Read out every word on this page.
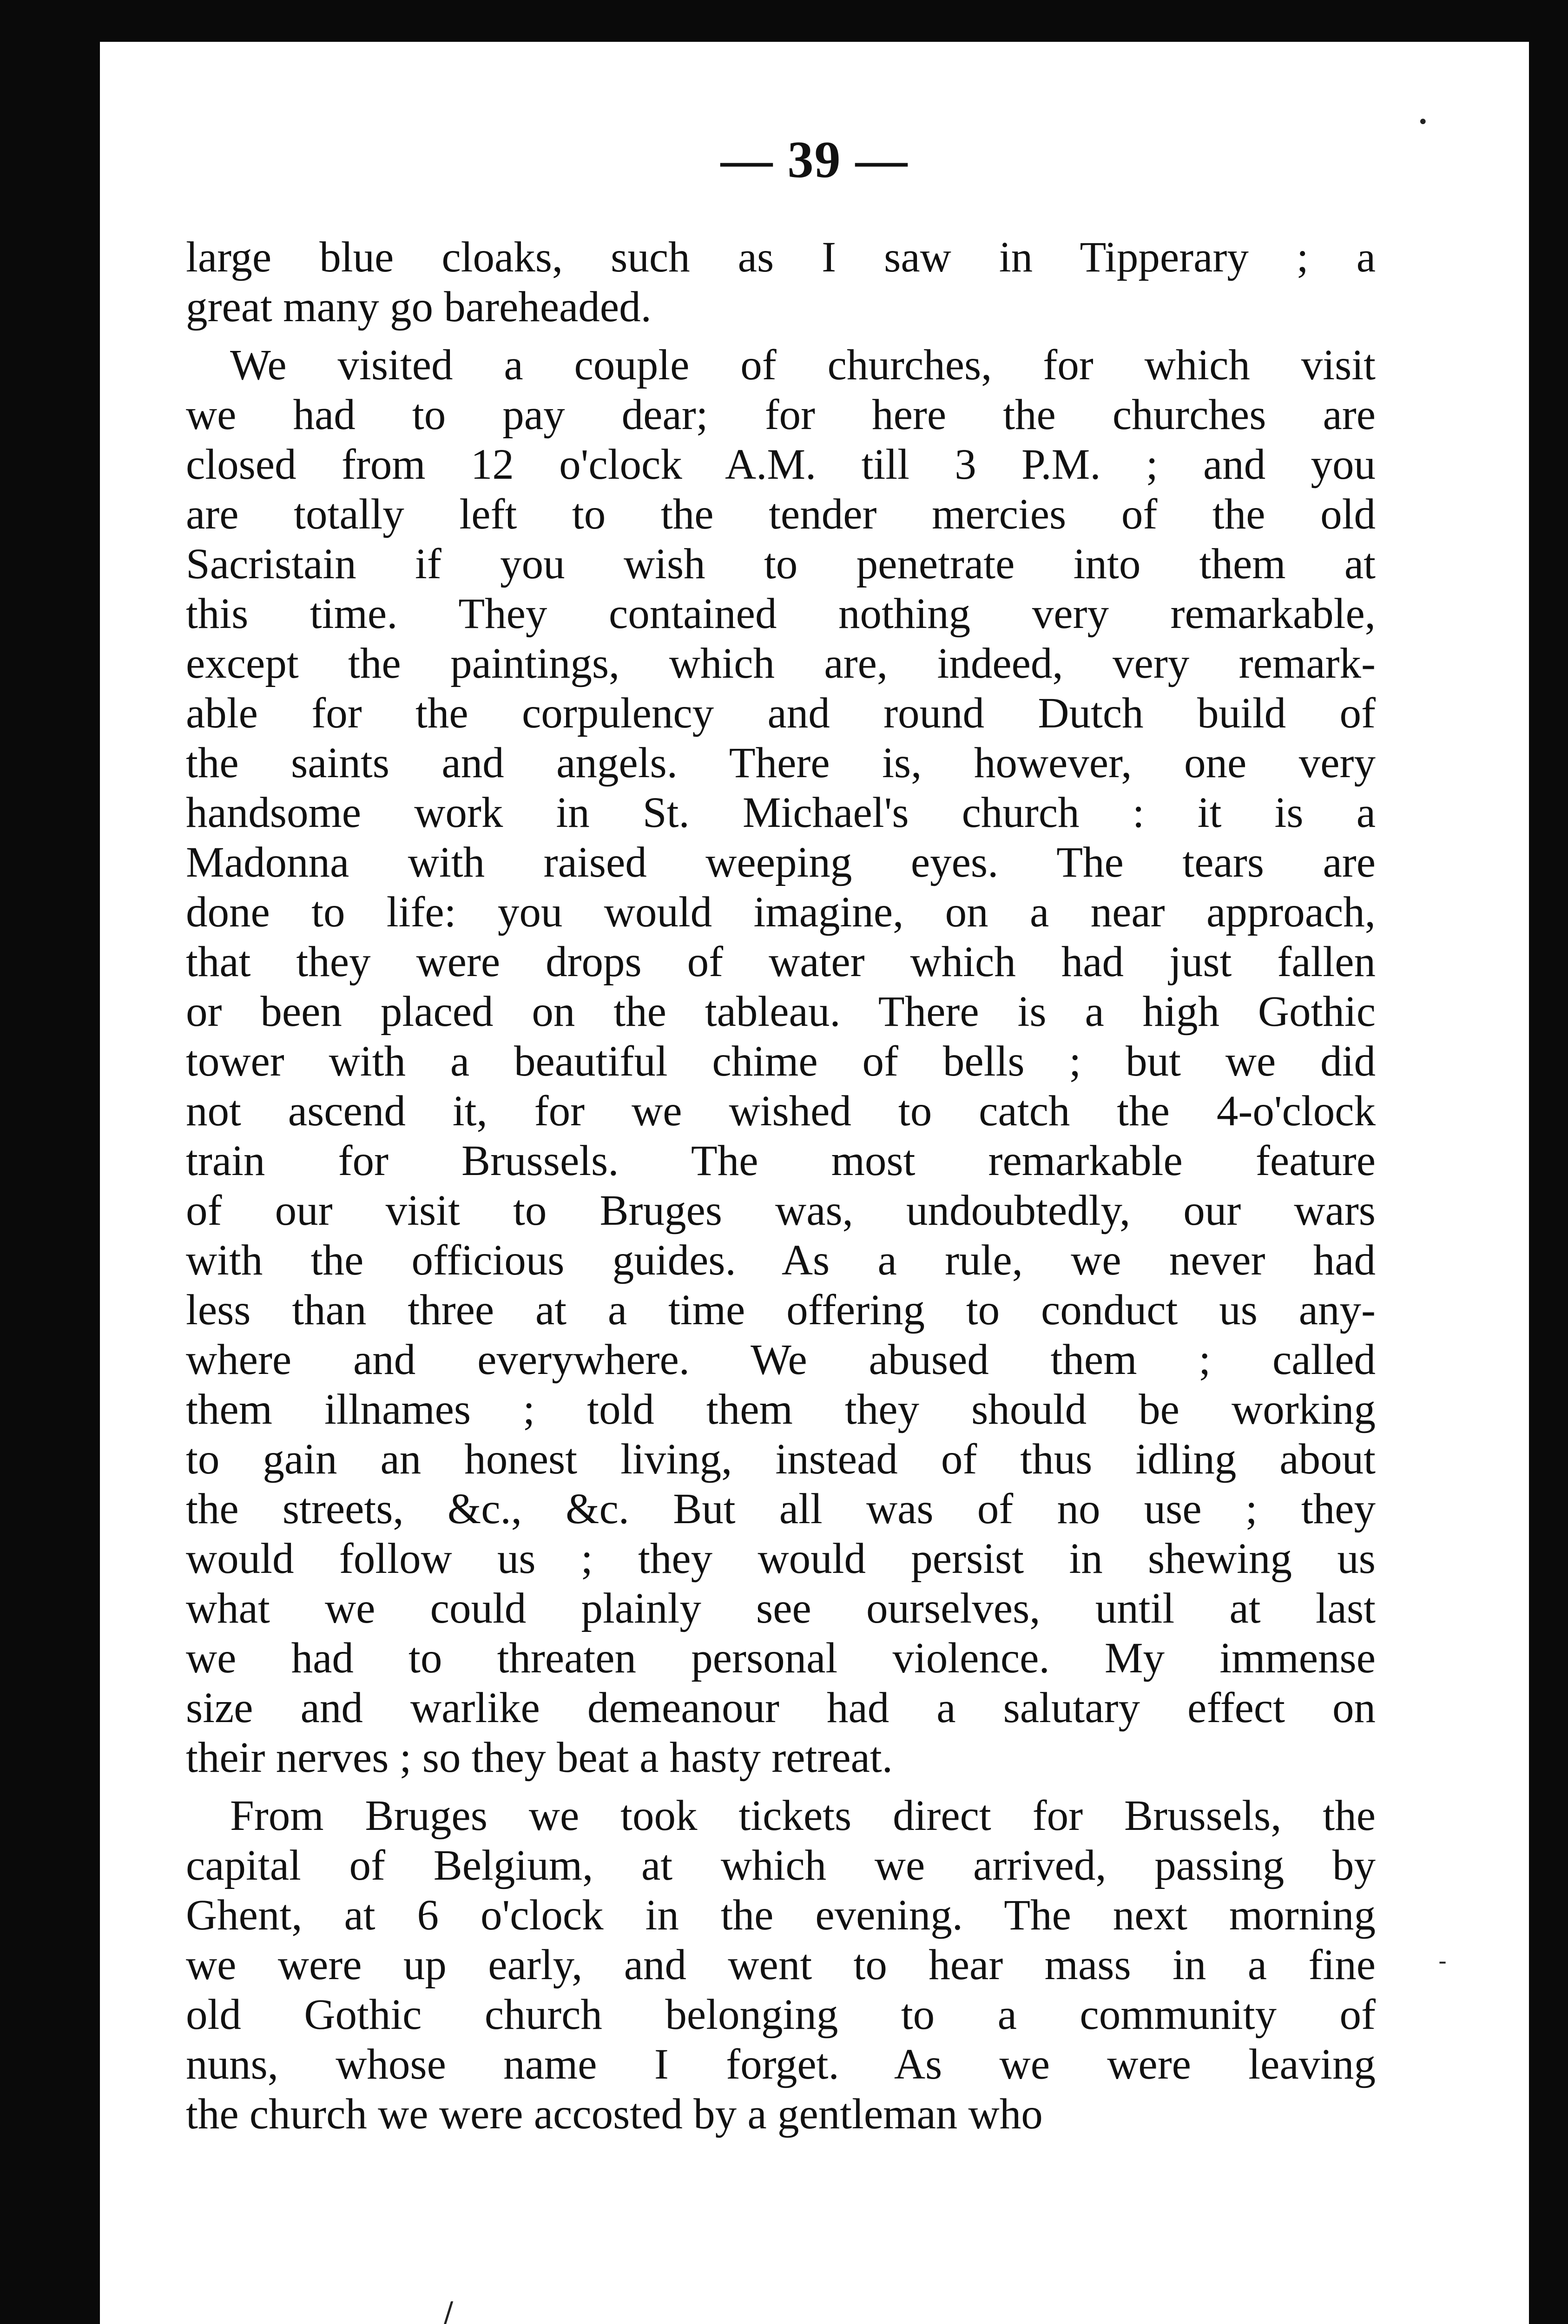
— 39 —
large blue cloaks, such as I saw in Tipperary ; a
great many go bareheaded.
We visited a couple of churches, for which visit
we had to pay dear; for here the churches are
closed from 12 o'clock A.M. till 3 P.M. ; and you
are totally left to the tender mercies of the old
Sacristain if you wish to penetrate into them at
this time. They contained nothing very remarkable,
except the paintings, which are, indeed, very remark-
able for the corpulency and round Dutch build of
the saints and angels. There is, however, one very
handsome work in St. Michael's church : it is a
Madonna with raised weeping eyes. The tears are
done to life: you would imagine, on a near approach,
that they were drops of water which had just fallen
or been placed on the tableau. There is a high Gothic
tower with a beautiful chime of bells ; but we did
not ascend it, for we wished to catch the 4-o'clock
train for Brussels. The most remarkable feature
of our visit to Bruges was, undoubtedly, our wars
with the officious guides. As a rule, we never had
less than three at a time offering to conduct us any-
where and everywhere. We abused them ; called
them illnames ; told them they should be working
to gain an honest living, instead of thus idling about
the streets, &c., &c. But all was of no use ; they
would follow us ; they would persist in shewing us
what we could plainly see ourselves, until at last
we had to threaten personal violence. My immense
size and warlike demeanour had a salutary effect on
their nerves ; so they beat a hasty retreat.
From Bruges we took tickets direct for Brussels, the
capital of Belgium, at which we arrived, passing by
Ghent, at 6 o'clock in the evening. The next morning
we were up early, and went to hear mass in a fine
old Gothic church belonging to a community of
nuns, whose name I forget. As we were leaving
the church we were accosted by a gentleman who
•
-
/
